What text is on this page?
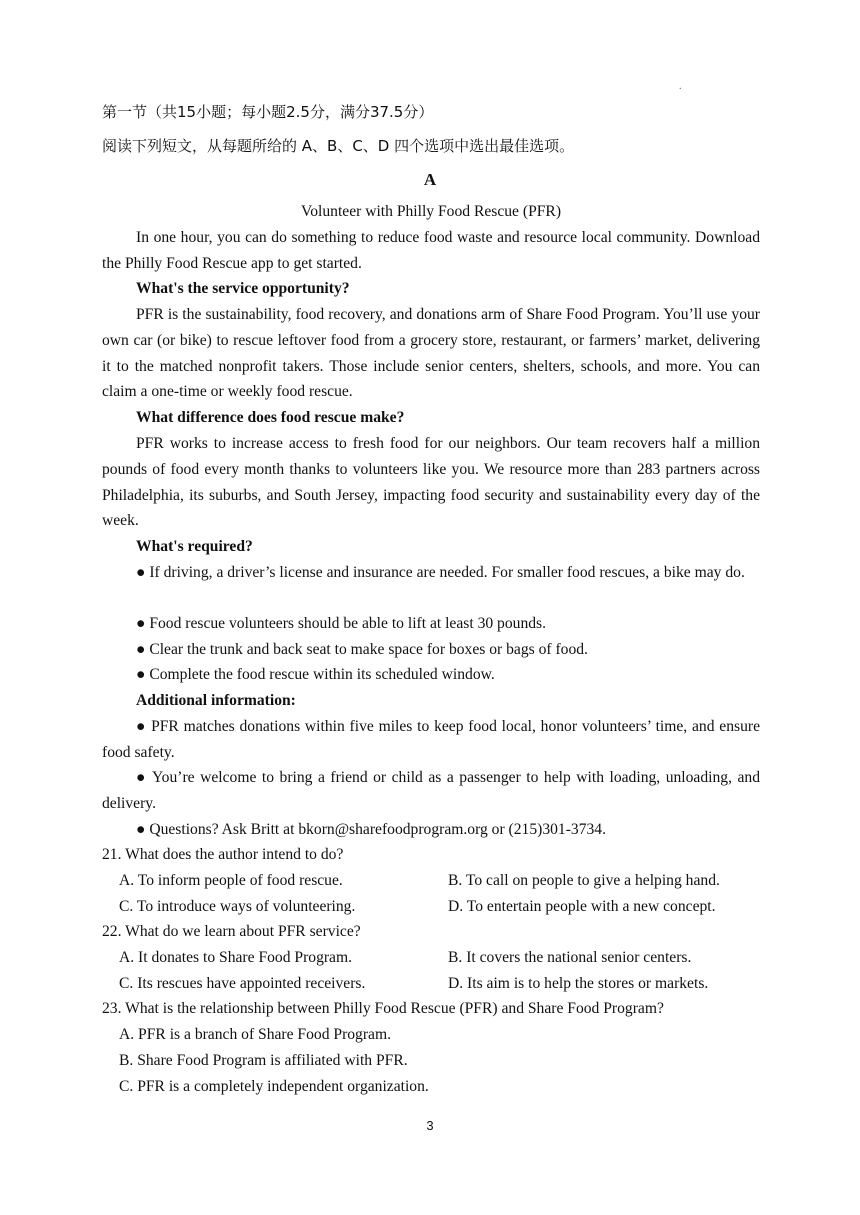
.
第一节（共15小题；每小题2.5分，满分37.5分）
阅读下列短文，从每题所给的 A、B、C、D 四个选项中选出最佳选项。
A
Volunteer with Philly Food Rescue (PFR)
In one hour, you can do something to reduce food waste and resource local community. Download the Philly Food Rescue app to get started.
What's the service opportunity?
PFR is the sustainability, food recovery, and donations arm of Share Food Program. You’ll use your own car (or bike) to rescue leftover food from a grocery store, restaurant, or farmers’ market, delivering it to the matched nonprofit takers. Those include senior centers, shelters, schools, and more. You can claim a one-time or weekly food rescue.
What difference does food rescue make?
PFR works to increase access to fresh food for our neighbors. Our team recovers half a million pounds of food every month thanks to volunteers like you. We resource more than 283 partners across Philadelphia, its suburbs, and South Jersey, impacting food security and sustainability every day of the week.
What's required?
● If driving, a driver’s license and insurance are needed. For smaller food rescues, a bike may do.
● Food rescue volunteers should be able to lift at least 30 pounds.
● Clear the trunk and back seat to make space for boxes or bags of food.
● Complete the food rescue within its scheduled window.
Additional information:
● PFR matches donations within five miles to keep food local, honor volunteers’ time, and ensure food safety.
● You’re welcome to bring a friend or child as a passenger to help with loading, unloading, and delivery.
● Questions? Ask Britt at bkorn@sharefoodprogram.org or (215)301-3734.
21. What does the author intend to do?
A. To inform people of food rescue.	B. To call on people to give a helping hand.
C. To introduce ways of volunteering.	D. To entertain people with a new concept.
22. What do we learn about PFR service?
A. It donates to Share Food Program.	B. It covers the national senior centers.
C. Its rescues have appointed receivers.	D. Its aim is to help the stores or markets.
23. What is the relationship between Philly Food Rescue (PFR) and Share Food Program?
A. PFR is a branch of Share Food Program.
B. Share Food Program is affiliated with PFR.
C. PFR is a completely independent organization.
3
